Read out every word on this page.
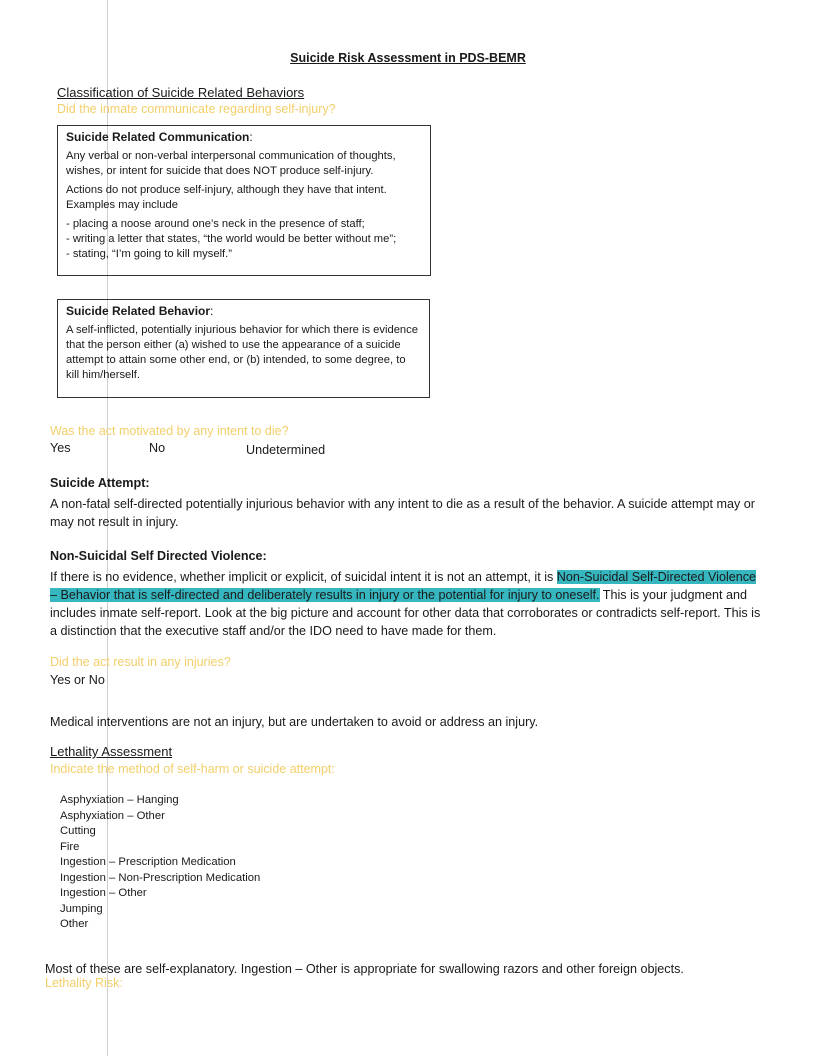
Suicide Risk Assessment in PDS-BEMR
Classification of Suicide Related Behaviors
Did the inmate communicate regarding self-injury?
Suicide Related Communication:

Any verbal or non-verbal interpersonal communication of thoughts, wishes, or intent for suicide that does NOT produce self-injury.

Actions do not produce self-injury, although they have that intent. Examples may include

- placing a noose around one’s neck in the presence of staff;
- writing a letter that states, “the world would be better without me”;
- stating, “I’m going to kill myself.”
Suicide Related Behavior:

A self-inflicted, potentially injurious behavior for which there is evidence that the person either (a) wished to use the appearance of a suicide attempt to attain some other end, or (b) intended, to some degree, to kill him/herself.

Was the act motivated by any intent to die?
Yes	No	Undetermined
Suicide Attempt:
A non-fatal self-directed potentially injurious behavior with any intent to die as a result of the behavior. A suicide attempt may or may not result in injury.
Non-Suicidal Self Directed Violence:
If there is no evidence, whether implicit or explicit, of suicidal intent it is not an attempt, it is Non-Suicidal Self-Directed Violence – Behavior that is self-directed and deliberately results in injury or the potential for injury to oneself. This is your judgment and includes inmate self-report. Look at the big picture and account for other data that corroborates or contradicts self-report. This is a distinction that the executive staff and/or the IDO need to have made for them.
Did the act result in any injuries?
Yes or No
Medical interventions are not an injury, but are undertaken to avoid or address an injury.
Lethality Assessment
Indicate the method of self-harm or suicide attempt:
Asphyxiation – Hanging
Asphyxiation – Other
Cutting
Fire
Ingestion – Prescription Medication
Ingestion – Non-Prescription Medication
Ingestion – Other
Jumping
Other
Most of these are self-explanatory. Ingestion – Other is appropriate for swallowing razors and other foreign objects.
Lethality Risk:
